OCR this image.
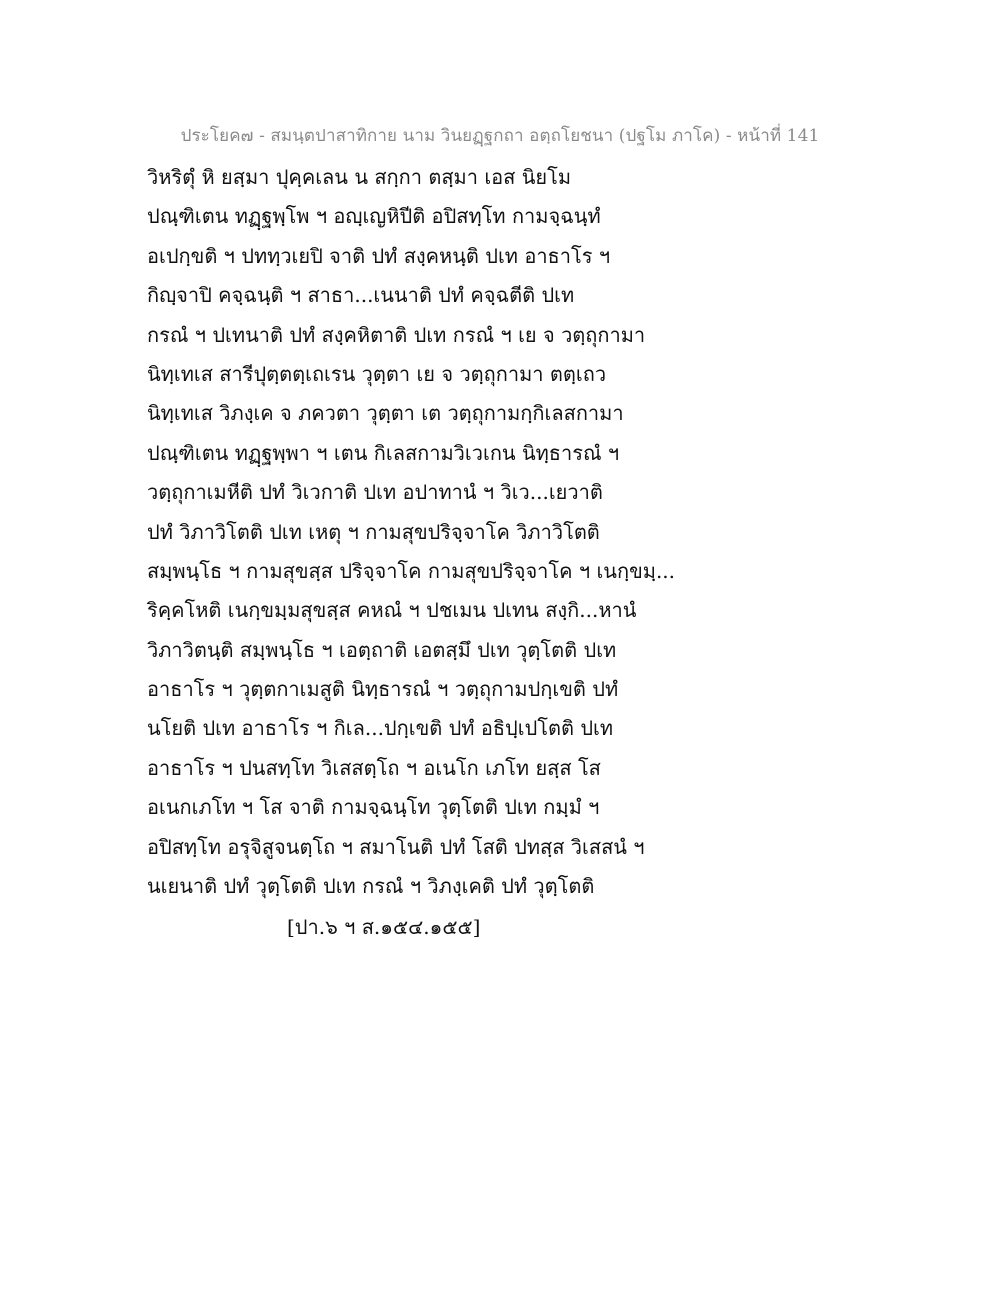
ประโยค๗ - สมนฺตปาสาทิกาย นาม วินยฏฺฐกถา อตฺถโยชนา (ปฐโม ภาโค) - หน้าที่ 141
วิหริตุํ หิ ยสฺมา ปุคฺคเลน น สกฺกา ตสฺมา เอส นิยโม
ปณฺฑิเตน ทฏฺฐพฺโพ ฯ อญฺเญหิปีติ อปิสทฺโท กามจฺฉนฺทํ
อเปกฺขติ ฯ ปททฺวเยปิ จาติ ปทํ สงฺคหนฺติ ปเท อาธาโร ฯ
กิญฺจาปิ คจฺฉนฺติ ฯ สาธา...เนนาติ ปทํ คจฺฉตีติ ปเท
กรณํ ฯ ปเทนาติ ปทํ สงฺคหิตาติ ปเท กรณํ ฯ เย จ วตฺถุกามา
นิทฺเทเส สารีปุตฺตตฺเถเรน วุตฺตา เย จ วตฺถุกามา ตตฺเถว
นิทฺเทเส วิภงฺเค จ ภควตา วุตฺตา เต วตฺถุกามกฺกิเลสกามา
ปณฺฑิเตน ทฏฺฐพฺพา ฯ เตน กิเลสกามวิเวเกน นิทฺธารณํ ฯ
วตฺถุกาเมหีติ ปทํ วิเวกาติ ปเท อปาทานํ ฯ วิเว...เยวาติ
ปทํ วิภาวิโตติ ปเท เหตุ ฯ กามสุขปริจฺจาโค วิภาวิโตติ
สมฺพนฺโธ ฯ กามสุขสฺส ปริจฺจาโค กามสุขปริจฺจาโค ฯ เนกฺขมฺ...
ริคฺคโหติ เนกฺขมฺมสุขสฺส คหณํ ฯ ปชเมน ปเทน สงฺกิ...หานํ
วิภาวิตนฺติ สมฺพนฺโธ ฯ เอตฺถาติ เอตสฺมึ ปเท วุตฺโตติ ปเท
อาธาโร ฯ วุตฺตกาเมสูติ นิทฺธารณํ ฯ วตฺถุกามปกฺเขติ ปทํ
นโยติ ปเท อาธาโร ฯ กิเล...ปกฺเขติ ปทํ อธิปฺเปโตติ ปเท
อาธาโร ฯ ปนสทฺโท วิเสสตฺโถ ฯ อเนโก เภโท ยสฺส โส
อเนกเภโท ฯ โส จาติ กามจฺฉนฺโท วุตฺโตติ ปเท กมฺมํ ฯ
อปิสทฺโท อรุจิสูจนตฺโถ ฯ สมาโนติ ปทํ โสติ ปทสฺส วิเสสนํ ฯ
นเยนาติ ปทํ วุตฺโตติ ปเท กรณํ ฯ วิภงฺเคติ ปทํ วุตฺโตติ
[ปา.๖ ฯ ส.๑๕๔.๑๕๕]
